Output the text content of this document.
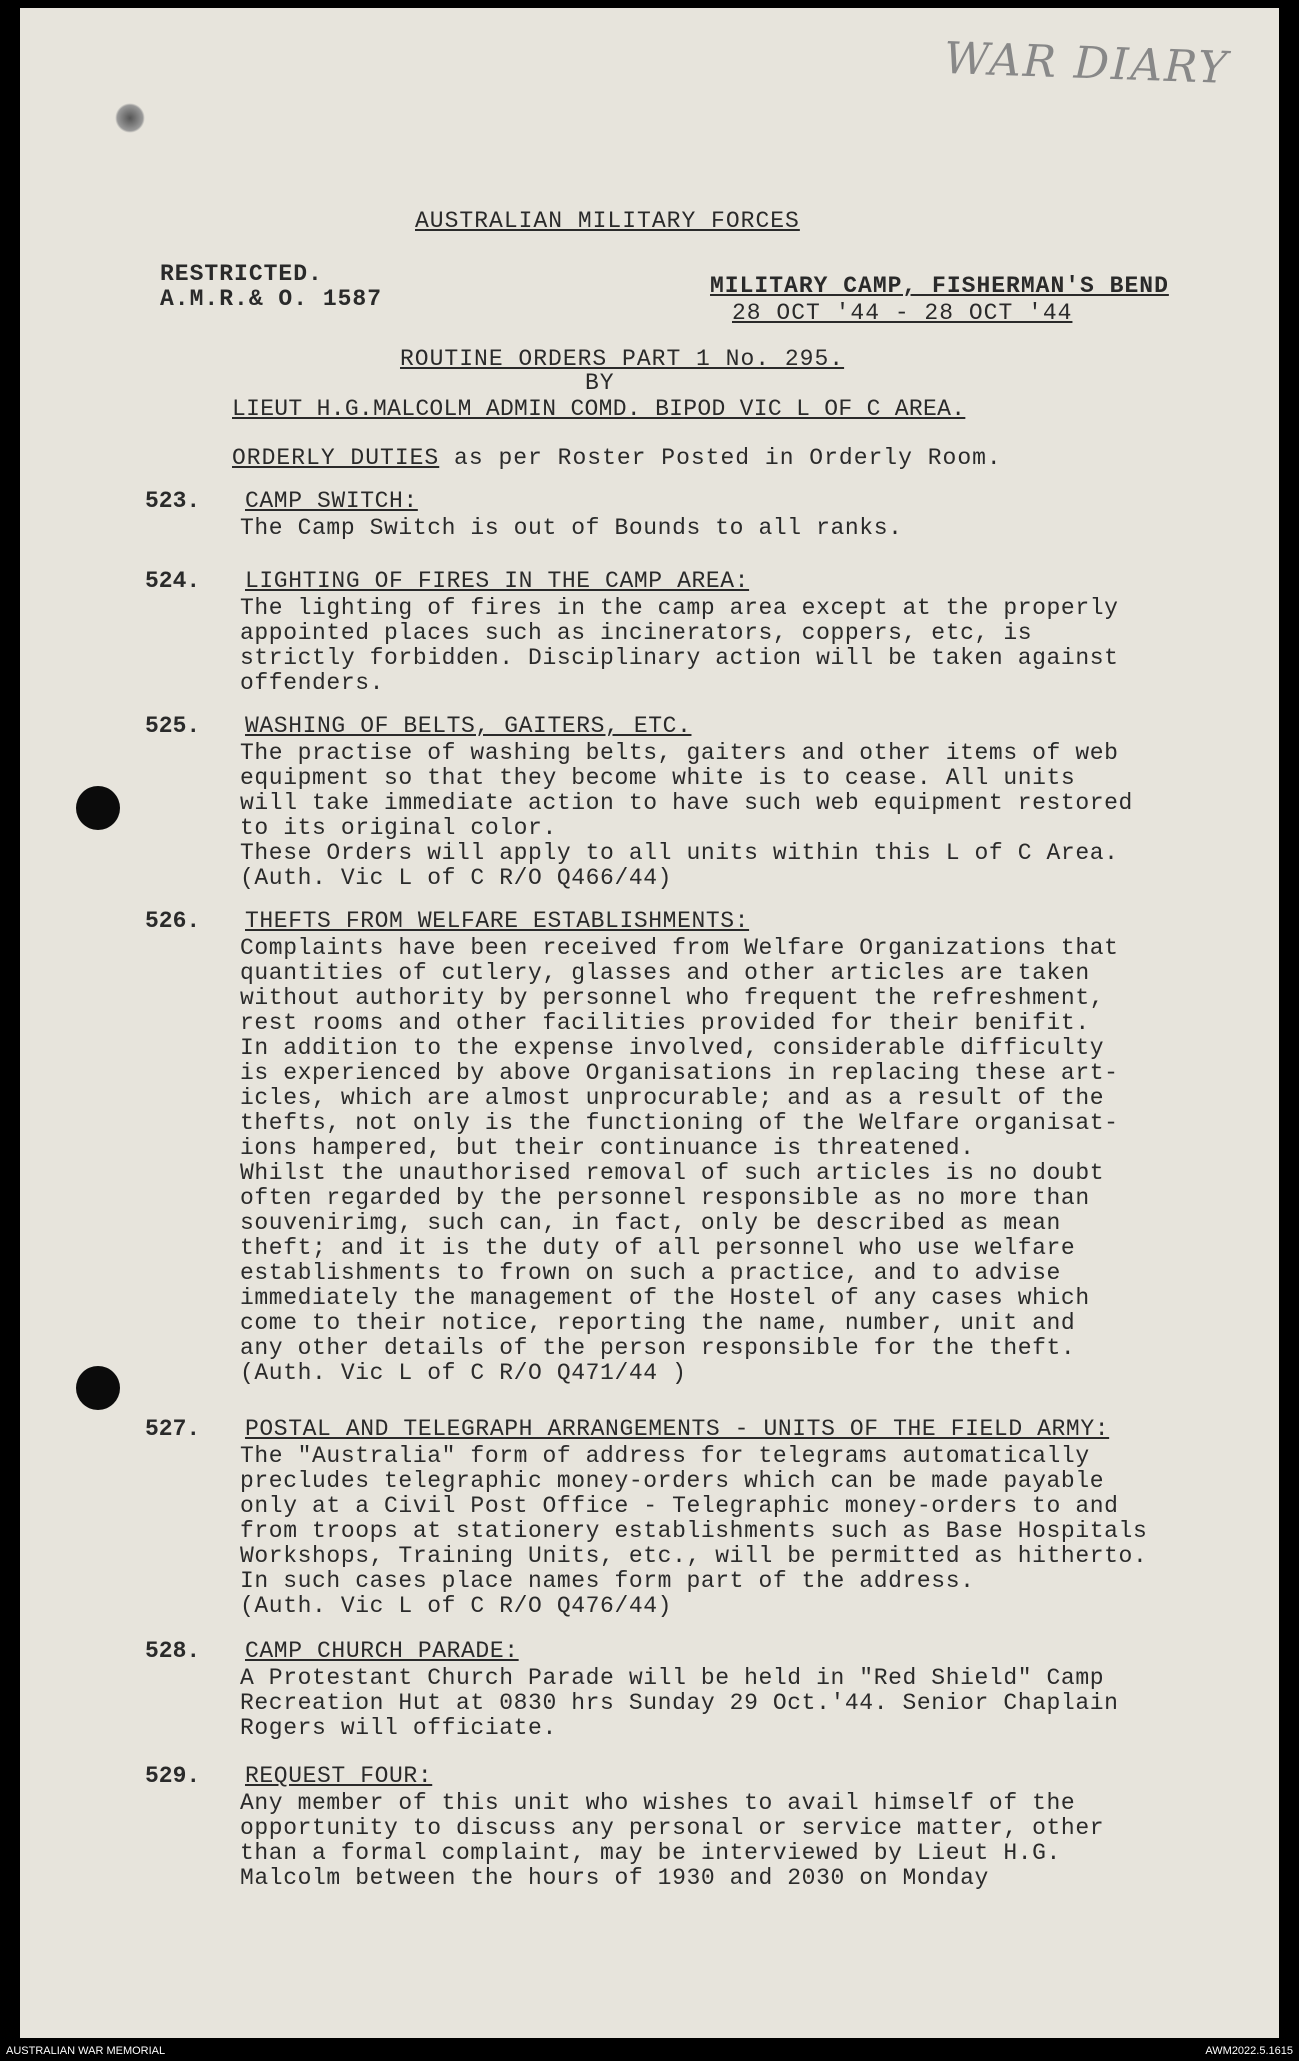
WAR DIARY
AUSTRALIAN MILITARY FORCES
RESTRICTED.
A.M.R.& O. 1587	MILITARY CAMP, FISHERMAN'S BEND
28 OCT '44 - 28 OCT '44
ROUTINE ORDERS PART 1 No. 295.
BY
LIEUT H.G.MALCOLM ADMIN COMD. BIPOD VIC L OF C AREA.
ORDERLY DUTIES as per Roster Posted in Orderly Room.
523. CAMP SWITCH:
The Camp Switch is out of Bounds to all ranks.
524. LIGHTING OF FIRES IN THE CAMP AREA:
The lighting of fires in the camp area except at the properly
appointed places such as incinerators, coppers, etc, is
strictly forbidden. Disciplinary action will be taken against
offenders.
525. WASHING OF BELTS, GAITERS, ETC.
The practise of washing belts, gaiters and other items of web
equipment so that they become white is to cease. All units
will take immediate action to have such web equipment restored
to its original color.
These Orders will apply to all units within this L of C Area.
(Auth. Vic L of C R/O Q466/44)
526. THEFTS FROM WELFARE ESTABLISHMENTS:
Complaints have been received from Welfare Organizations that
quantities of cutlery, glasses and other articles are taken
without authority by personnel who frequent the refreshment,
rest rooms and other facilities provided for their benifit.
In addition to the expense involved, considerable difficulty
is experienced by above Organisations in replacing these art-
icles, which are almost unprocurable; and as a result of the
thefts, not only is the functioning of the Welfare organisat-
ions hampered, but their continuance is threatened.
Whilst the unauthorised removal of such articles is no doubt
often regarded by the personnel responsible as no more than
souvenirimg, such can, in fact, only be described as mean
theft; and it is the duty of all personnel who use welfare
establishments to frown on such a practice, and to advise
immediately the management of the Hostel of any cases which
come to their notice, reporting the name, number, unit and
any other details of the person responsible for the theft.
(Auth. Vic L of C R/O Q471/44 )
527. POSTAL AND TELEGRAPH ARRANGEMENTS - UNITS OF THE FIELD ARMY:
The "Australia" form of address for telegrams automatically
precludes telegraphic money-orders which can be made payable
only at a Civil Post Office - Telegraphic money-orders to and
from troops at stationery establishments such as Base Hospitals
Workshops, Training Units, etc., will be permitted as hitherto.
In such cases place names form part of the address.
(Auth. Vic L of C R/O Q476/44)
528. CAMP CHURCH PARADE:
A Protestant Church Parade will be held in "Red Shield" Camp
Recreation Hut at 0830 hrs Sunday 29 Oct.'44. Senior Chaplain
Rogers will officiate.
529. REQUEST FOUR:
Any member of this unit who wishes to avail himself of the
opportunity to discuss any personal or service matter, other
than a formal complaint, may be interviewed by Lieut H.G.
Malcolm between the hours of 1930 and 2030 on Monday
AUSTRALIAN WAR MEMORIAL	AWM2022.5.1615
